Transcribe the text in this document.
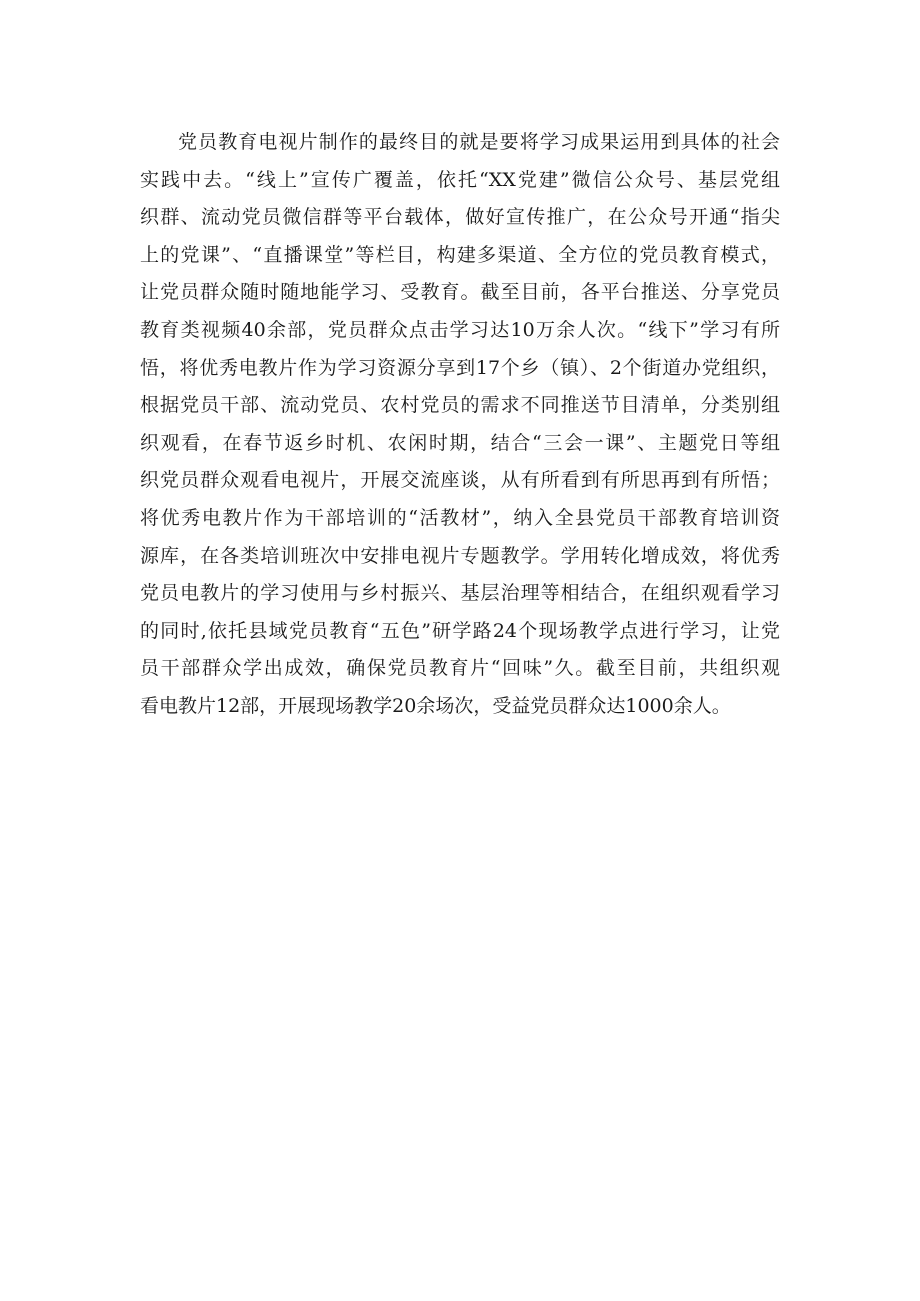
党员教育电视片制作的最终目的就是要将学习成果运用到具体的社会
实践中去。“线上”宣传广覆盖，依托“XX党建”微信公众号、基层党组
织群、流动党员微信群等平台载体，做好宣传推广，在公众号开通“指尖
上的党课”、“直播课堂”等栏目，构建多渠道、全方位的党员教育模式，
让党员群众随时随地能学习、受教育。截至目前，各平台推送、分享党员
教育类视频40余部，党员群众点击学习达10万余人次。“线下”学习有所
悟，将优秀电教片作为学习资源分享到17个乡（镇）、2个街道办党组织，
根据党员干部、流动党员、农村党员的需求不同推送节目清单，分类别组
织观看，在春节返乡时机、农闲时期，结合“三会一课”、主题党日等组
织党员群众观看电视片，开展交流座谈，从有所看到有所思再到有所悟；
将优秀电教片作为干部培训的“活教材”，纳入全县党员干部教育培训资
源库，在各类培训班次中安排电视片专题教学。学用转化增成效，将优秀
党员电教片的学习使用与乡村振兴、基层治理等相结合，在组织观看学习
的同时,依托县域党员教育“五色”研学路24个现场教学点进行学习，让党
员干部群众学出成效，确保党员教育片“回味”久。截至目前，共组织观
看电教片12部，开展现场教学20余场次，受益党员群众达1000余人。
